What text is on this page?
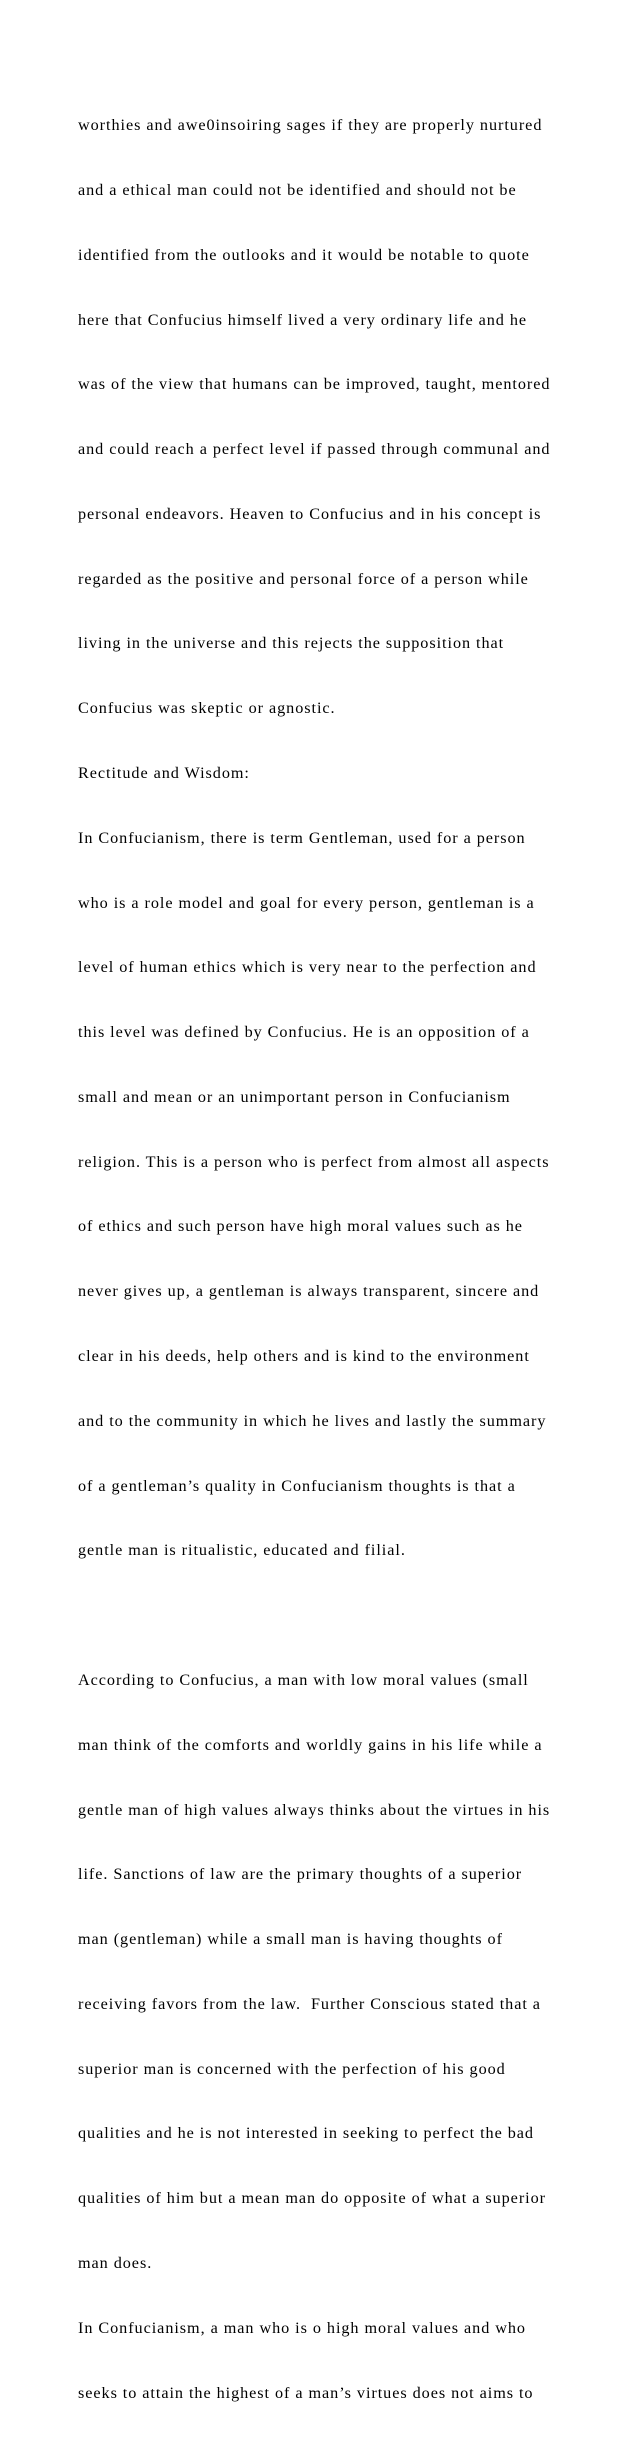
worthies and awe0insoiring sages if they are properly nurtured

and a ethical man could not be identified and should not be

identified from the outlooks and it would be notable to quote

here that Confucius himself lived a very ordinary life and he

was of the view that humans can be improved, taught, mentored

and could reach a perfect level if passed through communal and

personal endeavors. Heaven to Confucius and in his concept is

regarded as the positive and personal force of a person while

living in the universe and this rejects the supposition that

Confucius was skeptic or agnostic.

Rectitude and Wisdom:

In Confucianism, there is term Gentleman, used for a person

who is a role model and goal for every person, gentleman is a

level of human ethics which is very near to the perfection and

this level was defined by Confucius. He is an opposition of a

small and mean or an unimportant person in Confucianism

religion. This is a person who is perfect from almost all aspects

of ethics and such person have high moral values such as he

never gives up, a gentleman is always transparent, sincere and

clear in his deeds, help others and is kind to the environment

and to the community in which he lives and lastly the summary

of a gentleman’s quality in Confucianism thoughts is that a

gentle man is ritualistic, educated and filial.

According to Confucius, a man with low moral values (small

man think of the comforts and worldly gains in his life while a

gentle man of high values always thinks about the virtues in his

life. Sanctions of law are the primary thoughts of a superior

man (gentleman) while a small man is having thoughts of

receiving favors from the law.  Further Conscious stated that a

superior man is concerned with the perfection of his good

qualities and he is not interested in seeking to perfect the bad

qualities of him but a mean man do opposite of what a superior

man does.

In Confucianism, a man who is o high moral values and who

seeks to attain the highest of a man’s virtues does not aims to
